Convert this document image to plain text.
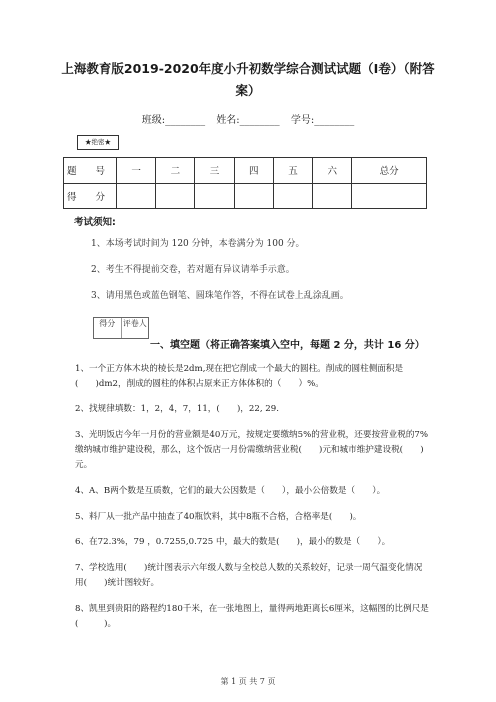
上海教育版2019-2020年度小升初数学综合测试试题（I卷）（附答案）
班级:________ 姓名:________ 学号:________
★绝密★
题 号	一	二	三	四	五	六	总分
得 分							
考试须知:
1、本场考试时间为 120 分钟，本卷满分为 100 分。
2、考生不得提前交卷，若对题有异议请举手示意。
3、请用黑色或蓝色钢笔、圆珠笔作答，不得在试卷上乱涂乱画。
得分 评卷人
一、填空题（将正确答案填入空中，每题 2 分，共计 16 分）
1、一个正方体木块的棱长是2dm,现在把它削成一个最大的圆柱。削成的圆柱侧面积是(　　)dm2，削成的圆柱的体积占原来正方体体积的（　　）%。
2、找规律填数：1，2，4，7，11，(　　)，22, 29.
3、光明饭店今年一月份的营业额是40万元，按规定要缴纳5%的营业税，还要按营业税的7%缴纳城市维护建设税，那么，这个饭店一月份需缴纳营业税(　　)元和城市维护建设税(　　)元。
4、A、B两个数是互质数，它们的最大公因数是（　　），最小公倍数是（　　）。
5、料厂从一批产品中抽查了40瓶饮料，其中8瓶不合格，合格率是(　　)。
6、在72.3%，79 ，0.7255,0.725 中，最大的数是(　　)，最小的数是（　　）。
7、学校选用(　　)统计图表示六年级人数与全校总人数的关系较好，记录一周气温变化情况用(　　)统计图较好。
8、凯里到贵阳的路程约180千米，在一张地图上，量得两地距离长6厘米，这幅图的比例尺是(　　　)。
第 1 页 共 7 页
